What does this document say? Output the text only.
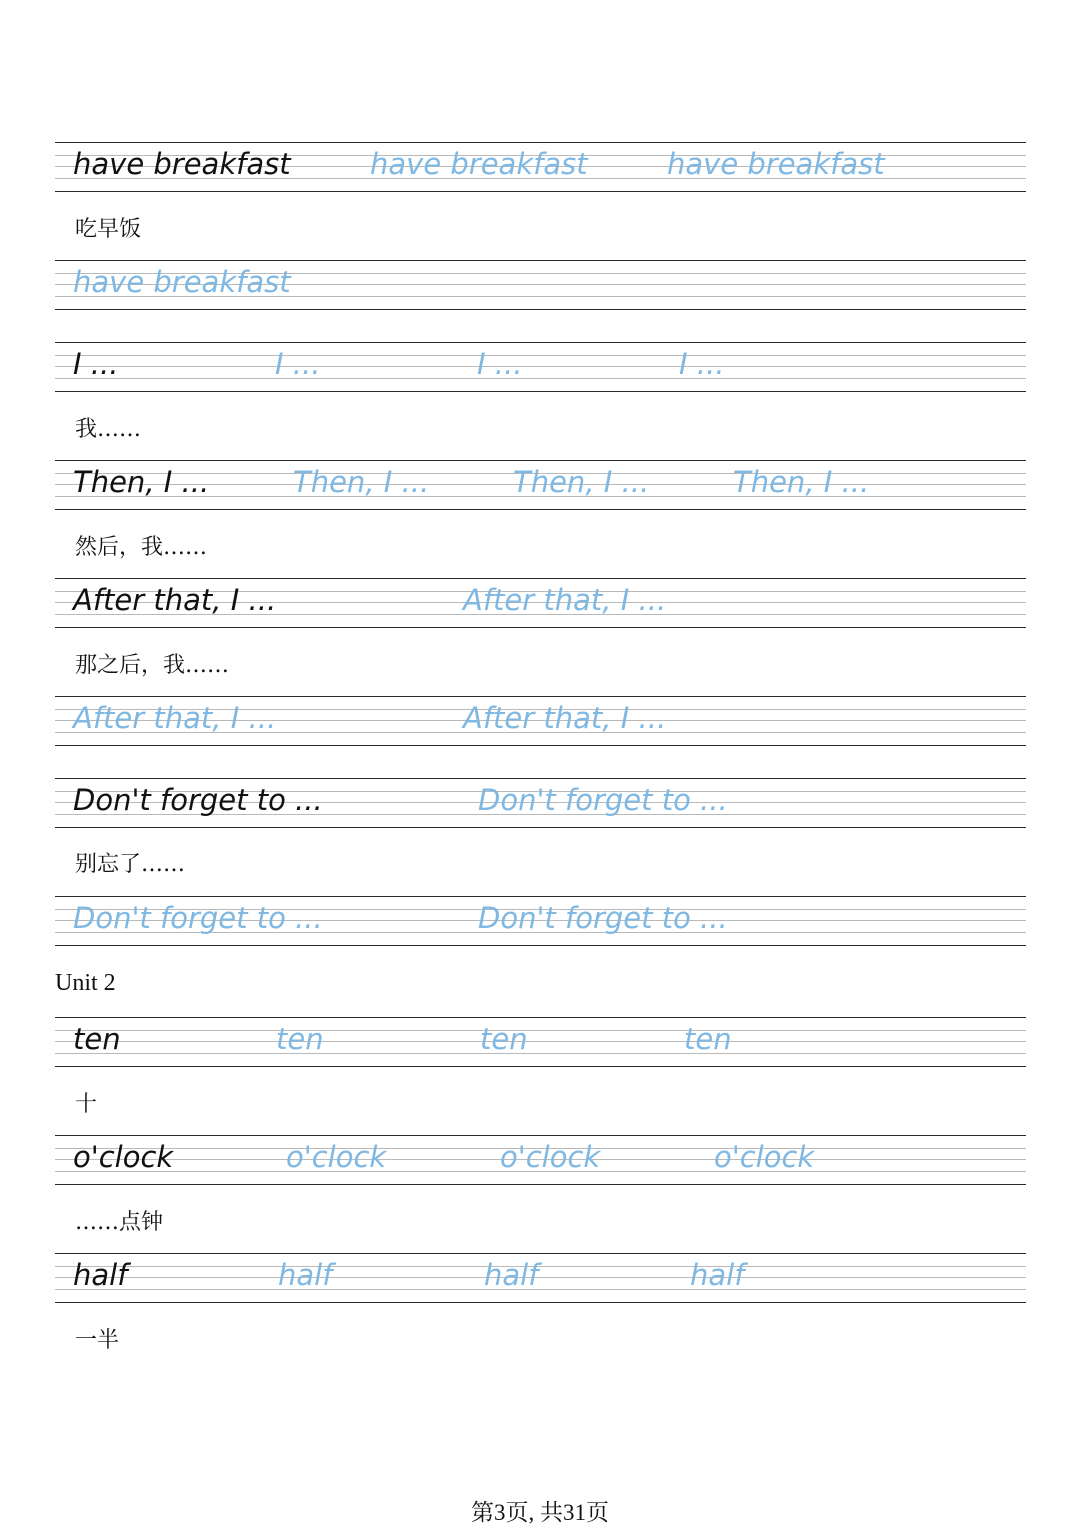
have breakfast	have breakfast	have breakfast
have breakfast
I ...	I ...	I ...	I ...
Then, I ...	Then, I ...	Then, I ...	Then, I ...
After that, I ...	After that, I ...
After that, I ...	After that, I ...
Don't forget to ...	Don't forget to ...
Don't forget to ...	Don't forget to ...
ten	ten	ten	ten
o'clock	o'clock	o'clock	o'clock
half	half	half	half
吃早饭
我……
然后，我……
那之后，我……
别忘了……
十
……点钟
一半
Unit 2
第3页, 共31页
